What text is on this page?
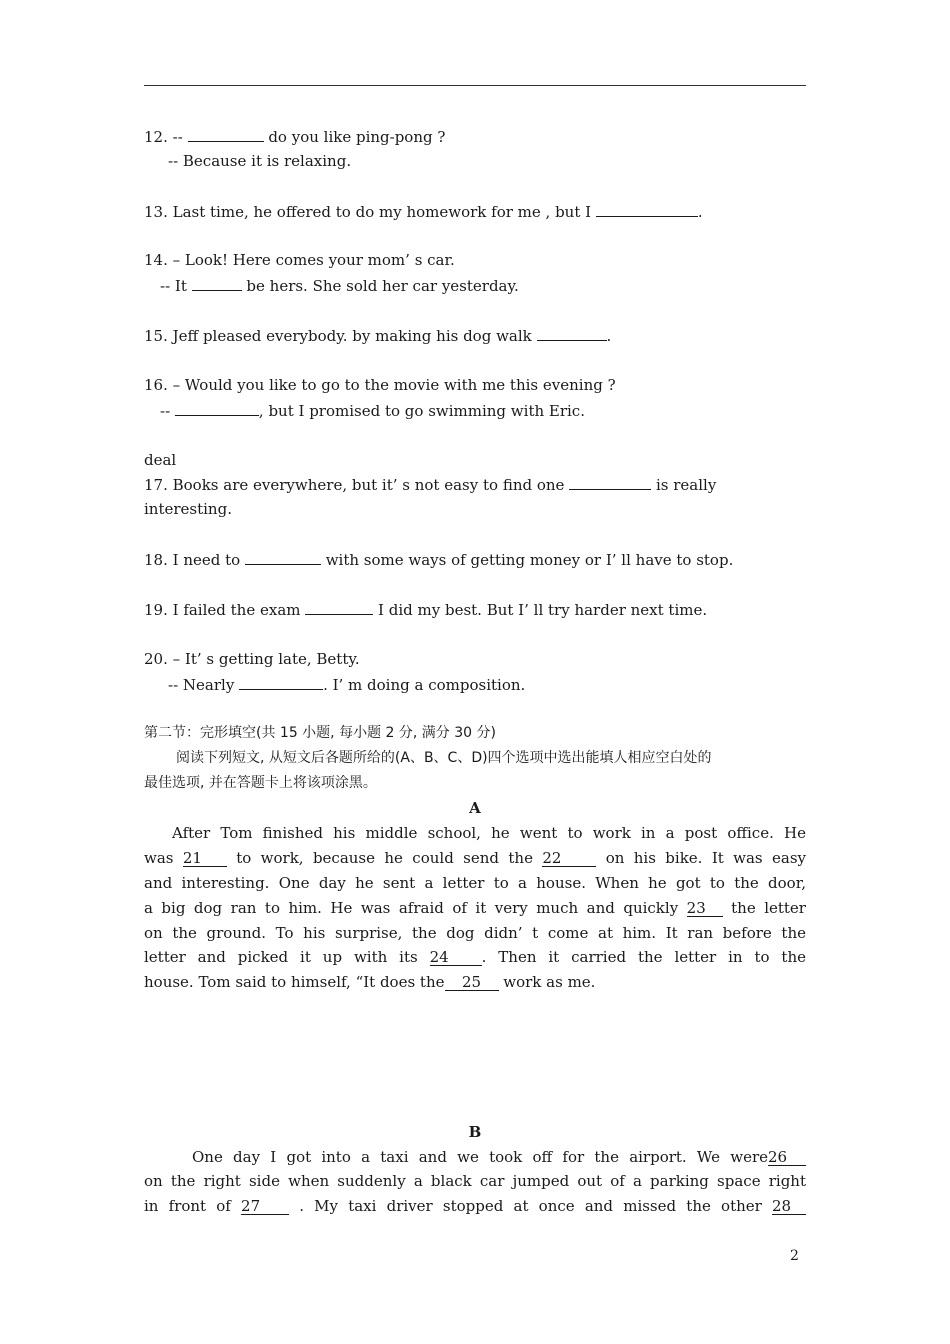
12. --	do you like ping-pong ?
-- Because it is relaxing.

13. Last time, he offered to do my homework for me , but I	.

14. – Look! Here comes your mom’ s car.
-- It	be hers. She sold her car yesterday.

15. Jeff pleased everybody. by making his dog walk	.

16. – Would you like to go to the movie with me this evening ?
--	, but I promised to go swimming with Eric.

deal
17. Books are everywhere, but it’ s not easy to find one	is really
interesting.

18. I need to	with some ways of getting money or I’ ll have to stop.

19. I failed the exam	I did my best. But I’ ll try harder next time.

20. – It’ s getting late, Betty.
-- Nearly	. I’ m doing a composition.

第二节：完形填空(共 15 小题, 每小题 2 分, 满分 30 分)
阅读下列短文, 从短文后各题所给的(A、B、C、D)四个选项中选出能填人相应空白处的
最佳选项, 并在答题卡上将该项涂黑。
A
After Tom finished his middle school, he went to work in a post office. He
was 21 to work, because he could send the 22 on his bike. It was easy
and interesting. One day he sent a letter to a house. When he got to the door,
a big dog ran to him. He was afraid of it very much and quickly 23 the letter
on the ground. To his surprise, the dog didn’ t come at him. It ran before the
letter and picked it up with its 24 . Then it carried the letter in to the
house. Tom said to himself, “It does the 25 work as me.

B
One day I got into a taxi and we took off for the airport. We were26
on the right side when suddenly a black car jumped out of a parking space right
in front of 27 . My taxi driver stopped at once and missed the other 28
2
